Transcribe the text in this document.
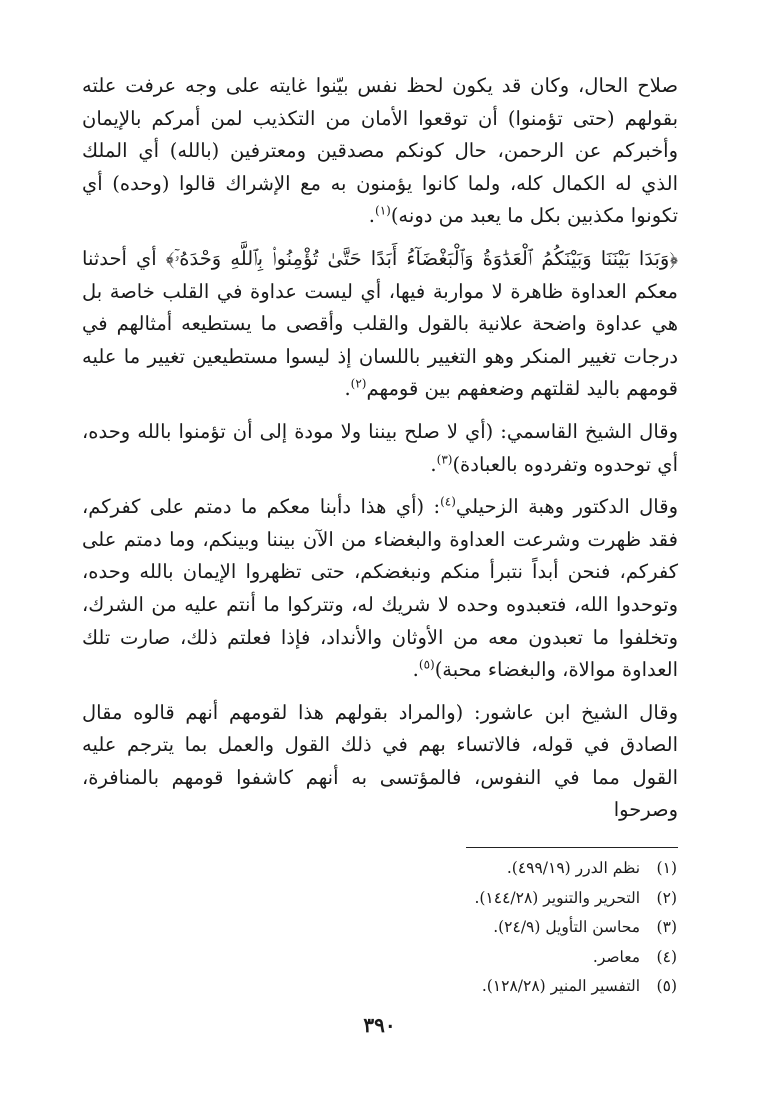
صلاح الحال، وكان قد يكون لحظ نفس بيّنوا غايته على وجه عرفت علته بقولهم (حتى تؤمنوا) أن توقعوا الأمان من التكذيب لمن أمركم بالإيمان وأخبركم عن الرحمن، حال كونكم مصدقين ومعترفين (بالله) أي الملك الذي له الكمال كله، ولما كانوا يؤمنون به مع الإشراك قالوا (وحده) أي تكونوا مكذبين بكل ما يعبد من دونه)$^{(١)}$.

﴿وَبَدَا بَيْنَنَا وَبَيْنَكُمُ ٱلْعَدَٰوَةُ وَٱلْبَغْضَآءُ أَبَدًا حَتَّىٰ تُؤْمِنُوا۟ بِٱللَّهِ وَحْدَهُۥٓ﴾ أي أحدثنا معكم العداوة ظاهرة لا مواربة فيها، أي ليست عداوة في القلب خاصة بل هي عداوة واضحة علانية بالقول والقلب وأقصى ما يستطيعه أمثالهم في درجات تغيير المنكر وهو التغيير باللسان إذ ليسوا مستطيعين تغيير ما عليه قومهم باليد لقلتهم وضعفهم بين قومهم$^{(٢)}$.

وقال الشيخ القاسمي: (أي لا صلح بيننا ولا مودة إلى أن تؤمنوا بالله وحده، أي توحدوه وتفردوه بالعبادة)$^{(٣)}$.

وقال الدكتور وهبة الزحيلي$^{(٤)}$: (أي هذا دأبنا معكم ما دمتم على كفركم، فقد ظهرت وشرعت العداوة والبغضاء من الآن بيننا وبينكم، وما دمتم على كفركم، فنحن أبداً نتبرأ منكم ونبغضكم، حتى تظهروا الإيمان بالله وحده، وتوحدوا الله، فتعبدوه وحده لا شريك له، وتتركوا ما أنتم عليه من الشرك، وتخلفوا ما تعبدون معه من الأوثان والأنداد، فإذا فعلتم ذلك، صارت تلك العداوة موالاة، والبغضاء محبة)$^{(٥)}$.

وقال الشيخ ابن عاشور: (والمراد بقولهم هذا لقومهم أنهم قالوه مقال الصادق في قوله، فالاتساء بهم في ذلك القول والعمل بما يترجم عليه القول مما في النفوس، فالمؤتسى به أنهم كاشفوا قومهم بالمنافرة، وصرحوا

(١) نظم الدرر (٤٩٩/١٩).
(٢) التحرير والتنوير (١٤٤/٢٨).
(٣) محاسن التأويل (٢٤/٩).
(٤) معاصر.
(٥) التفسير المنير (١٢٨/٢٨).
٣٩٠
